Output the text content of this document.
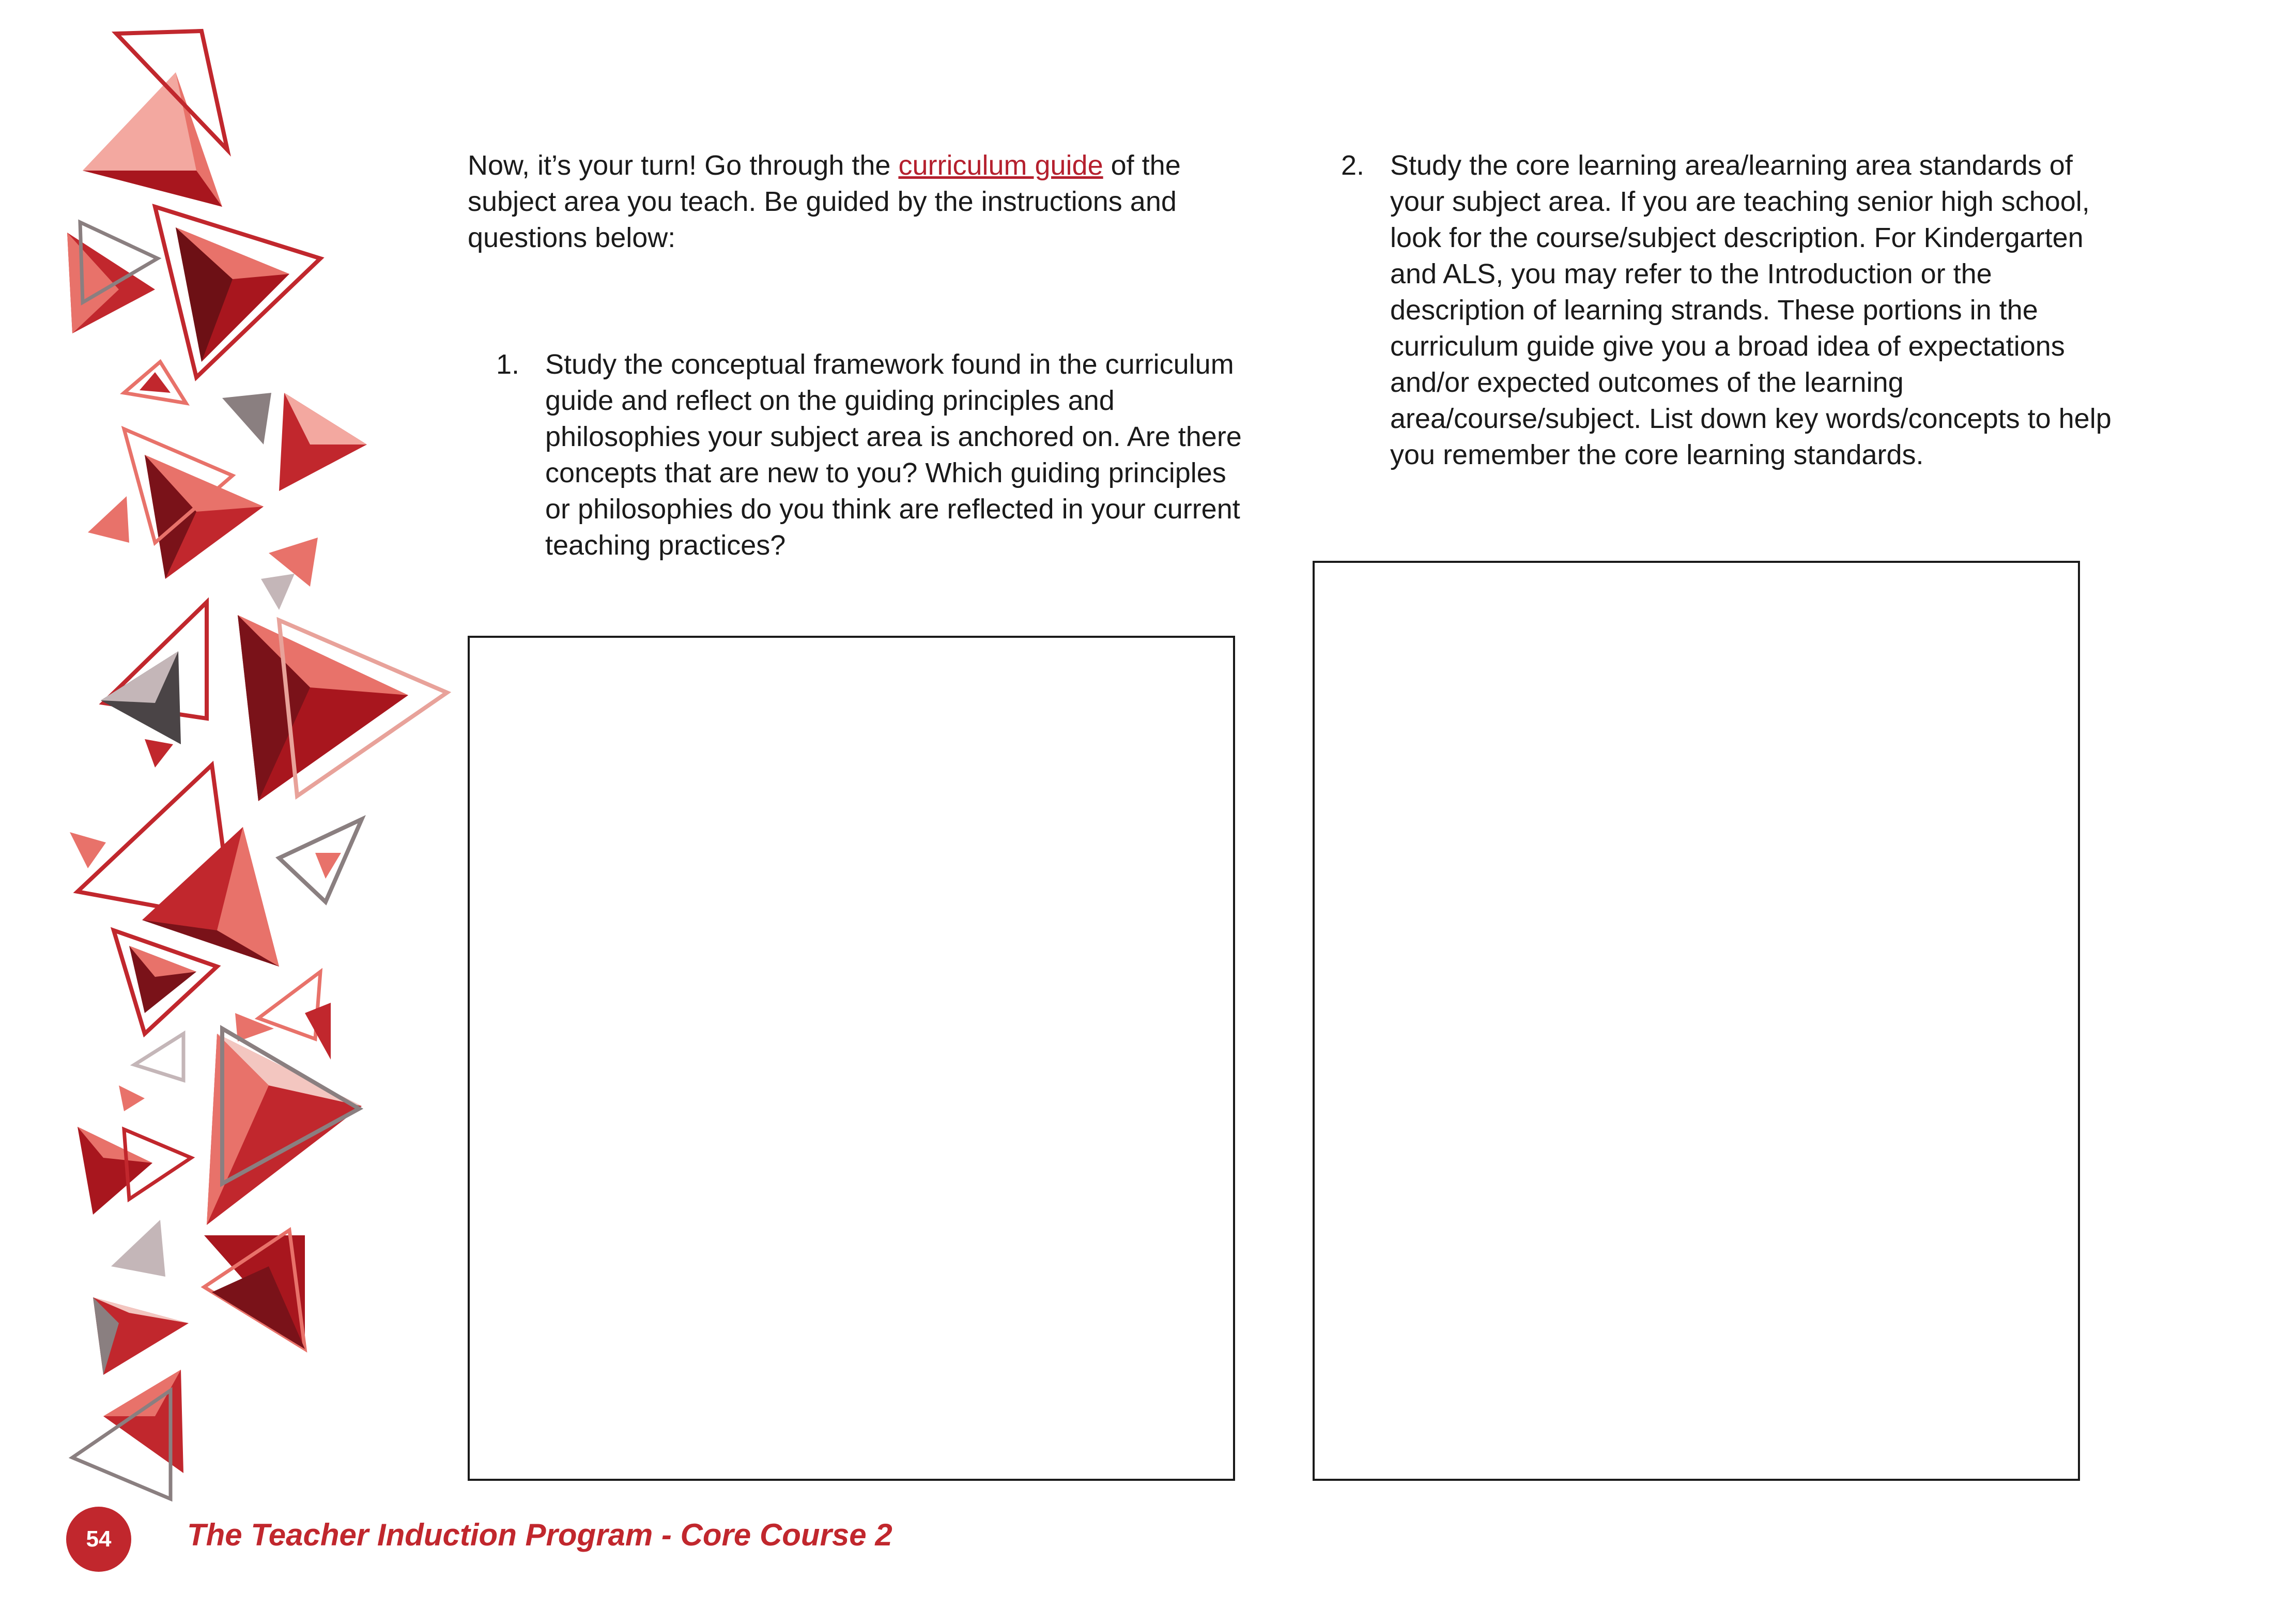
Now, it’s your turn! Go through the curriculum guide of the subject area you teach. Be guided by the instructions and questions below:

1. Study the conceptual framework found in the curriculum guide and reflect on the guiding principles and philosophies your subject area is anchored on. Are there concepts that are new to you? Which guiding principles or philosophies do you think are reflected in your current teaching practices?
2. Study the core learning area/learning area standards of your subject area. If you are teaching senior high school, look for the course/subject description. For Kindergarten and ALS, you may refer to the Introduction or the description of learning strands. These portions in the curriculum guide give you a broad idea of expectations and/or expected outcomes of the learning area/course/subject. List down key words/concepts to help you remember the core learning standards.
54	The Teacher Induction Program - Core Course 2
